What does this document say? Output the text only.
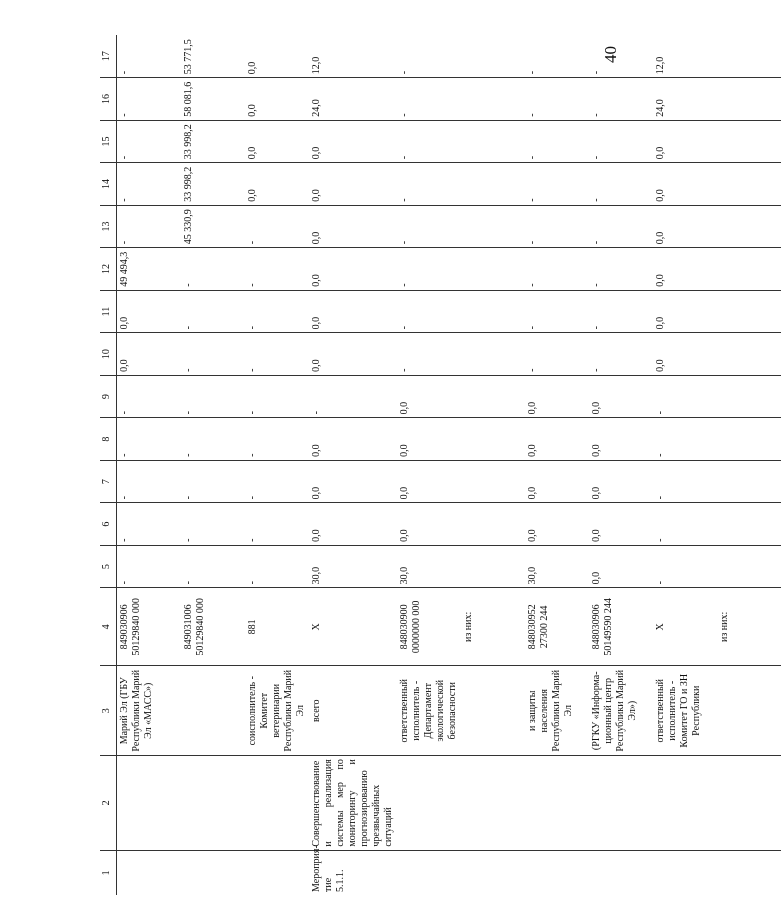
40
1	2	3	4	5	6	7	8	9	10	11	12	13	14	15	16	17
		Марий Эл (ГБУ Республики Марий Эл «МАСС»)	849030906 50129840 000	-	-	-	-	-	0,0	0,0	49 494,3	-	-	-	-	-
			849031006 50129840 000	-	-	-	-	-	-	-	-	45 330,9	33 998,2	33 998,2	58 081,6	53 771,5
		соисполнитель - Комитет ветеринарии Республики Марий Эл	881	-	-	-	-	-	-	-	-	-	0,0	0,0	0,0	0,0
Мероприя-тие 5.1.1.	Совершенствование и реализация системы мер по мониторингу и прогнозированию чрезвычайных ситуаций	всего	X	30,0	0,0	0,0	0,0	-	0,0	0,0	0,0	0,0	0,0	0,0	24,0	12,0
		ответственный исполнитель - Департамент экологической безопасности	848030900 0000000 000	30,0	0,0	0,0	0,0	0,0	-	-	-	-	-	-	-	-
			из них:													
		и защиты населения Республики Марий Эл	848030952 27300 244	30,0	0,0	0,0	0,0	0,0	-	-	-	-	-	-	-	-
		(РГКУ «Информа-ционный центр Республики Марий Эл»)	848030906 50149590 244	0,0	0,0	0,0	0,0	0,0	-	-	-	-	-	-	-	-
		ответственный исполнитель - Комитет ГО и ЗН Республики	X	-	-	-	-	-	0,0	0,0	0,0	0,0	0,0	0,0	24,0	12,0
			из них:													
